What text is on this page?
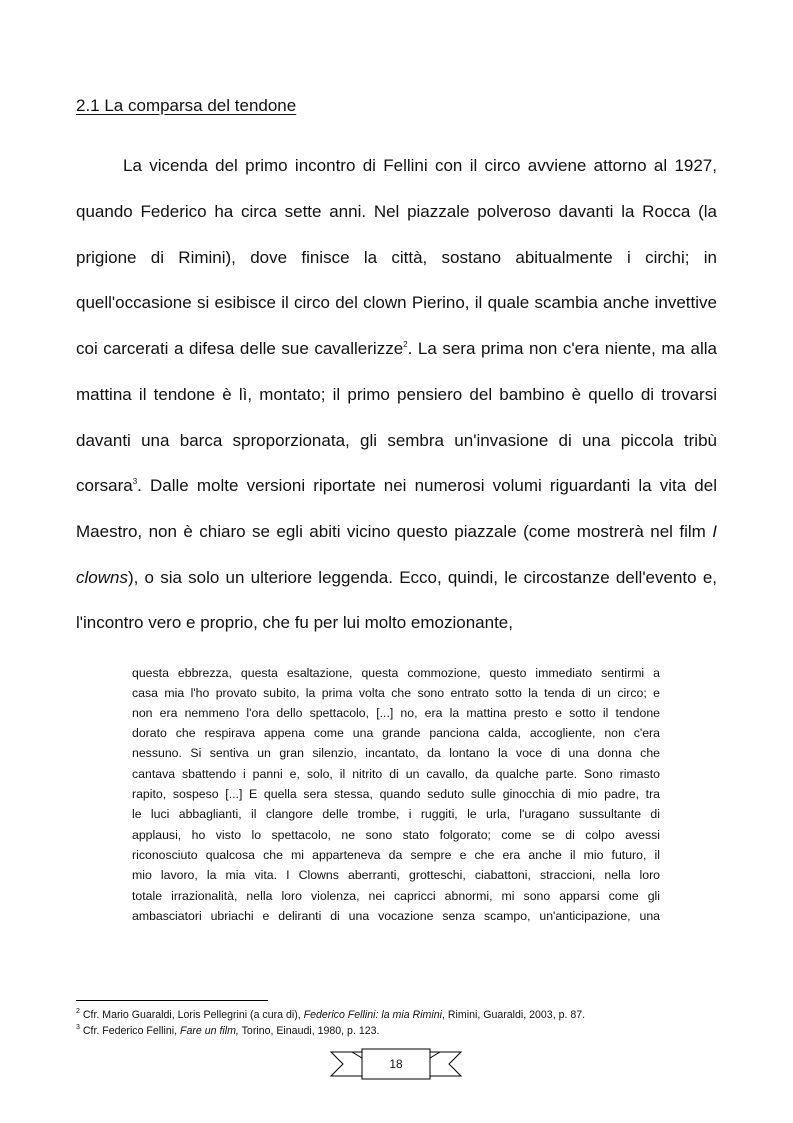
2.1 La comparsa del tendone
La vicenda del primo incontro di Fellini con il circo avviene attorno al 1927,
quando Federico ha circa sette anni. Nel piazzale polveroso davanti la Rocca (la
prigione di Rimini), dove finisce la città, sostano abitualmente i circhi; in
quell'occasione si esibisce il circo del clown Pierino, il quale scambia anche invettive
coi carcerati a difesa delle sue cavallerizze$^2$. La sera prima non c'era niente, ma alla
mattina il tendone è lì, montato; il primo pensiero del bambino è quello di trovarsi
davanti una barca sproporzionata, gli sembra un'invasione di una piccola tribù
corsara$^3$. Dalle molte versioni riportate nei numerosi volumi riguardanti la vita del
Maestro, non è chiaro se egli abiti vicino questo piazzale (come mostrerà nel film I
clowns), o sia solo un ulteriore leggenda. Ecco, quindi, le circostanze dell'evento e,
l'incontro vero e proprio, che fu per lui molto emozionante,
questa ebbrezza, questa esaltazione, questa commozione, questo immediato sentirmi a
casa mia l'ho provato subito, la prima volta che sono entrato sotto la tenda di un circo; e
non era nemmeno l'ora dello spettacolo, [...] no, era la mattina presto e sotto il tendone
dorato che respirava appena come una grande panciona calda, accogliente, non c'era
nessuno. Si sentiva un gran silenzio, incantato, da lontano la voce di una donna che
cantava sbattendo i panni e, solo, il nitrito di un cavallo, da qualche parte. Sono rimasto
rapito, sospeso [...] E quella sera stessa, quando seduto sulle ginocchia di mio padre, tra
le luci abbaglianti, il clangore delle trombe, i ruggiti, le urla, l'uragano sussultante di
applausi, ho visto lo spettacolo, ne sono stato folgorato; come se di colpo avessi
riconosciuto qualcosa che mi apparteneva da sempre e che era anche il mio futuro, il
mio lavoro, la mia vita. I Clowns aberranti, grotteschi, ciabattoni, straccioni, nella loro
totale irrazionalità, nella loro violenza, nei capricci abnormi, mi sono apparsi come gli
ambasciatori ubriachi e deliranti di una vocazione senza scampo, un'anticipazione, una
$^2$ Cfr. Mario Guaraldi, Loris Pellegrini (a cura di), Federico Fellini: la mia Rimini, Rimini, Guaraldi, 2003, p. 87.
$^3$ Cfr. Federico Fellini, Fare un film, Torino, Einaudi, 1980, p. 123.
18
